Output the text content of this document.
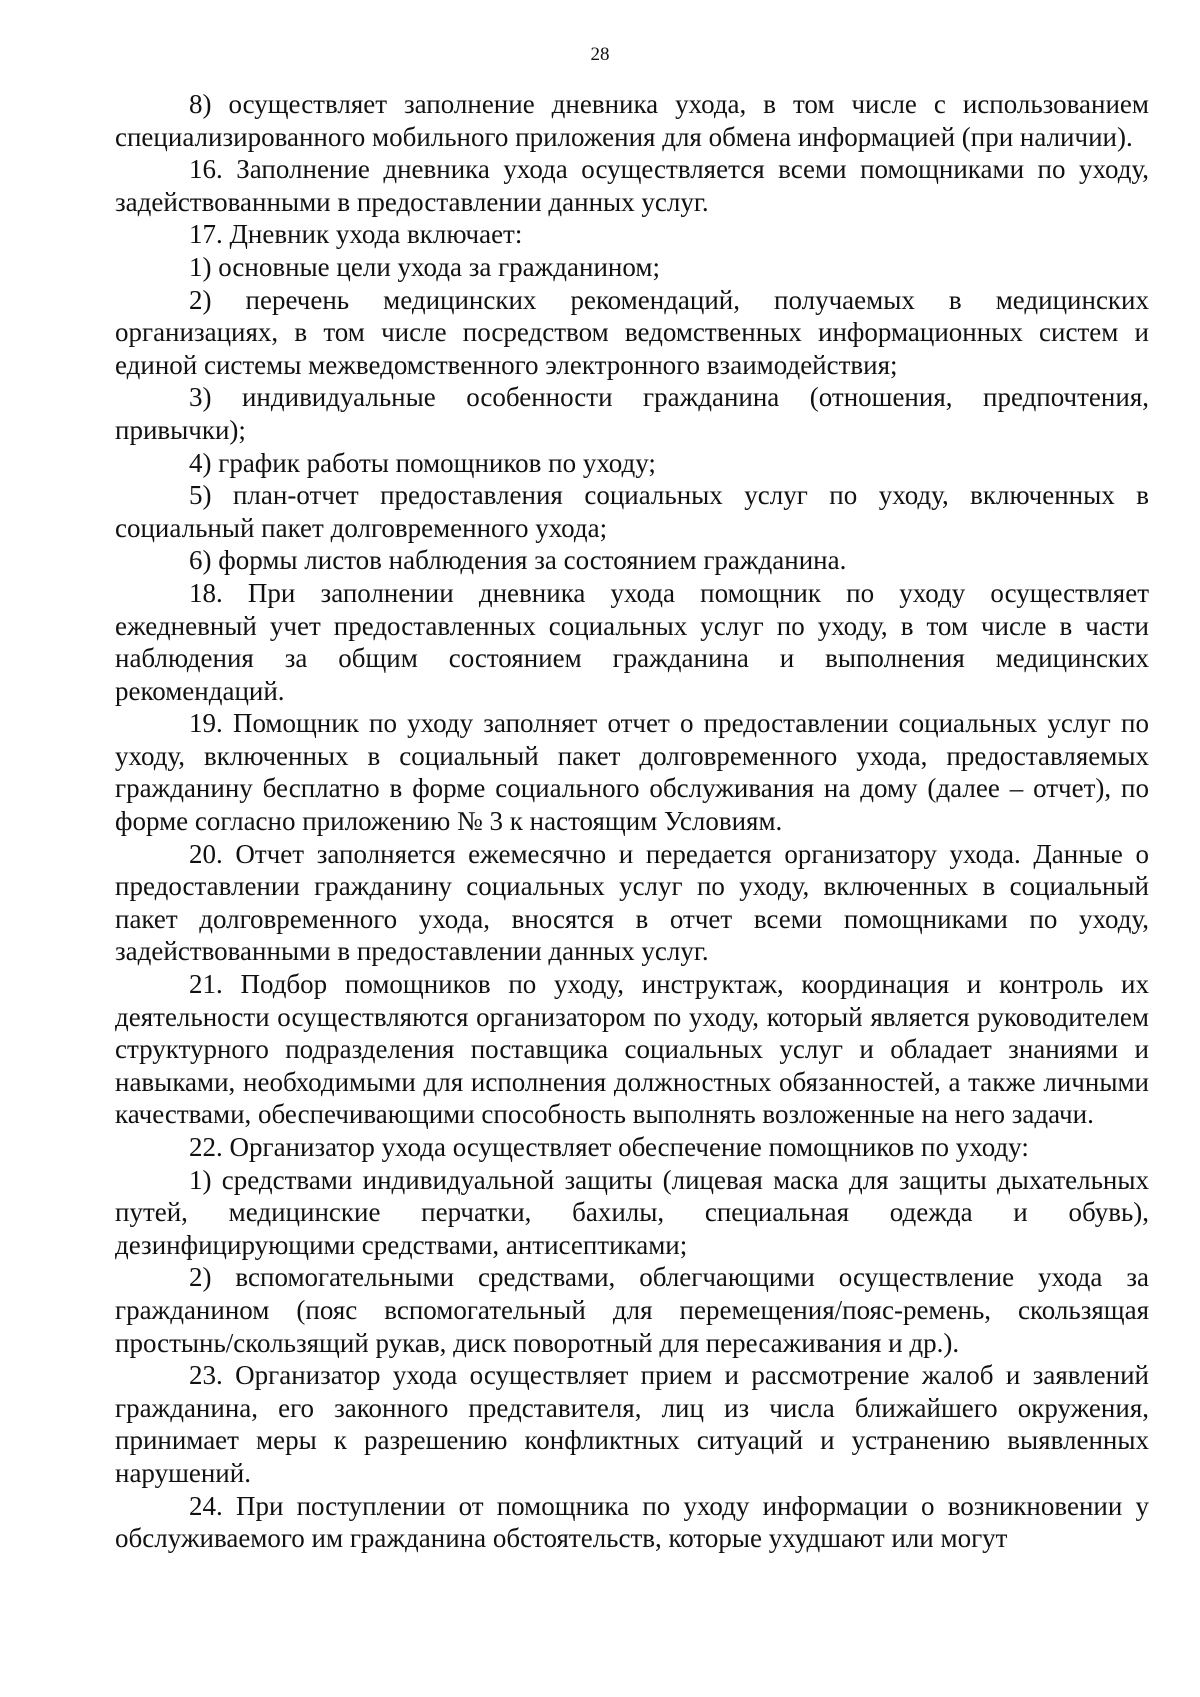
28

8) осуществляет заполнение дневника ухода, в том числе с использованием специализированного мобильного приложения для обмена информацией (при наличии).

16. Заполнение дневника ухода осуществляется всеми помощниками по уходу, задействованными в предоставлении данных услуг.

17. Дневник ухода включает:

1) основные цели ухода за гражданином;

2) перечень медицинских рекомендаций, получаемых в медицинских организациях, в том числе посредством ведомственных информационных систем и единой системы межведомственного электронного взаимодействия;

3) индивидуальные особенности гражданина (отношения, предпочтения, привычки);

4) график работы помощников по уходу;

5) план-отчет предоставления социальных услуг по уходу, включенных в социальный пакет долговременного ухода;

6) формы листов наблюдения за состоянием гражданина.

18. При заполнении дневника ухода помощник по уходу осуществляет ежедневный учет предоставленных социальных услуг по уходу, в том числе в части наблюдения за общим состоянием гражданина и выполнения медицинских рекомендаций.

19. Помощник по уходу заполняет отчет о предоставлении социальных услуг по уходу, включенных в социальный пакет долговременного ухода, предоставляемых гражданину бесплатно в форме социального обслуживания на дому (далее – отчет), по форме согласно приложению № 3 к настоящим Условиям.

20. Отчет заполняется ежемесячно и передается организатору ухода. Данные о предоставлении гражданину социальных услуг по уходу, включенных в социальный пакет долговременного ухода, вносятся в отчет всеми помощниками по уходу, задействованными в предоставлении данных услуг.

21. Подбор помощников по уходу, инструктаж, координация и контроль их деятельности осуществляются организатором по уходу, который является руководителем структурного подразделения поставщика социальных услуг и обладает знаниями и навыками, необходимыми для исполнения должностных обязанностей, а также личными качествами, обеспечивающими способность выполнять возложенные на него задачи.

22. Организатор ухода осуществляет обеспечение помощников по уходу:

1) средствами индивидуальной защиты (лицевая маска для защиты дыхательных путей, медицинские перчатки, бахилы, специальная одежда и обувь), дезинфицирующими средствами, антисептиками;

2) вспомогательными средствами, облегчающими осуществление ухода за гражданином (пояс вспомогательный для перемещения/пояс-ремень, скользящая простынь/скользящий рукав, диск поворотный для пересаживания и др.).

23. Организатор ухода осуществляет прием и рассмотрение жалоб и заявлений гражданина, его законного представителя, лиц из числа ближайшего окружения, принимает меры к разрешению конфликтных ситуаций и устранению выявленных нарушений.

24. При поступлении от помощника по уходу информации о возникновении у обслуживаемого им гражданина обстоятельств, которые ухудшают или могут
